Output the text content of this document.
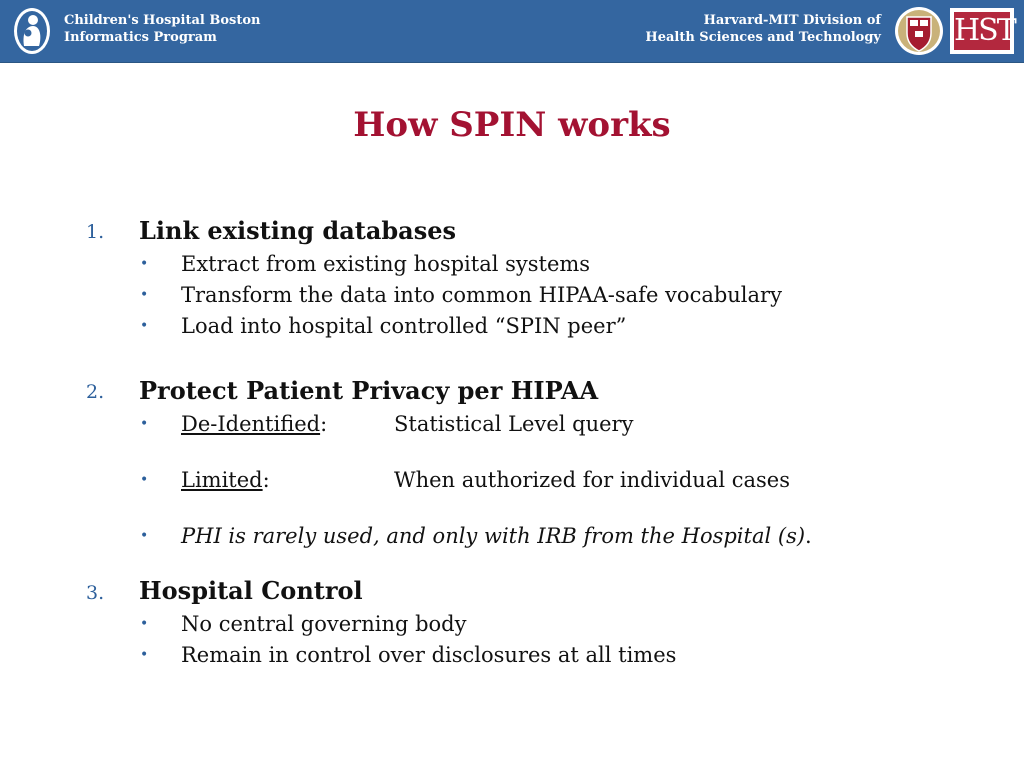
Children's Hospital Boston
Informatics Program
Harvard-MIT Division of
Health Sciences and Technology HST
How SPIN works
1. Link existing databases
• Extract from existing hospital systems
• Transform the data into common HIPAA-safe vocabulary
• Load into hospital controlled “SPIN peer”
2. Protect Patient Privacy per HIPAA
• De-Identified:	Statistical Level query
• Limited:	When authorized for individual cases
• PHI is rarely used, and only with IRB from the Hospital (s).
3. Hospital Control
• No central governing body
• Remain in control over disclosures at all times
